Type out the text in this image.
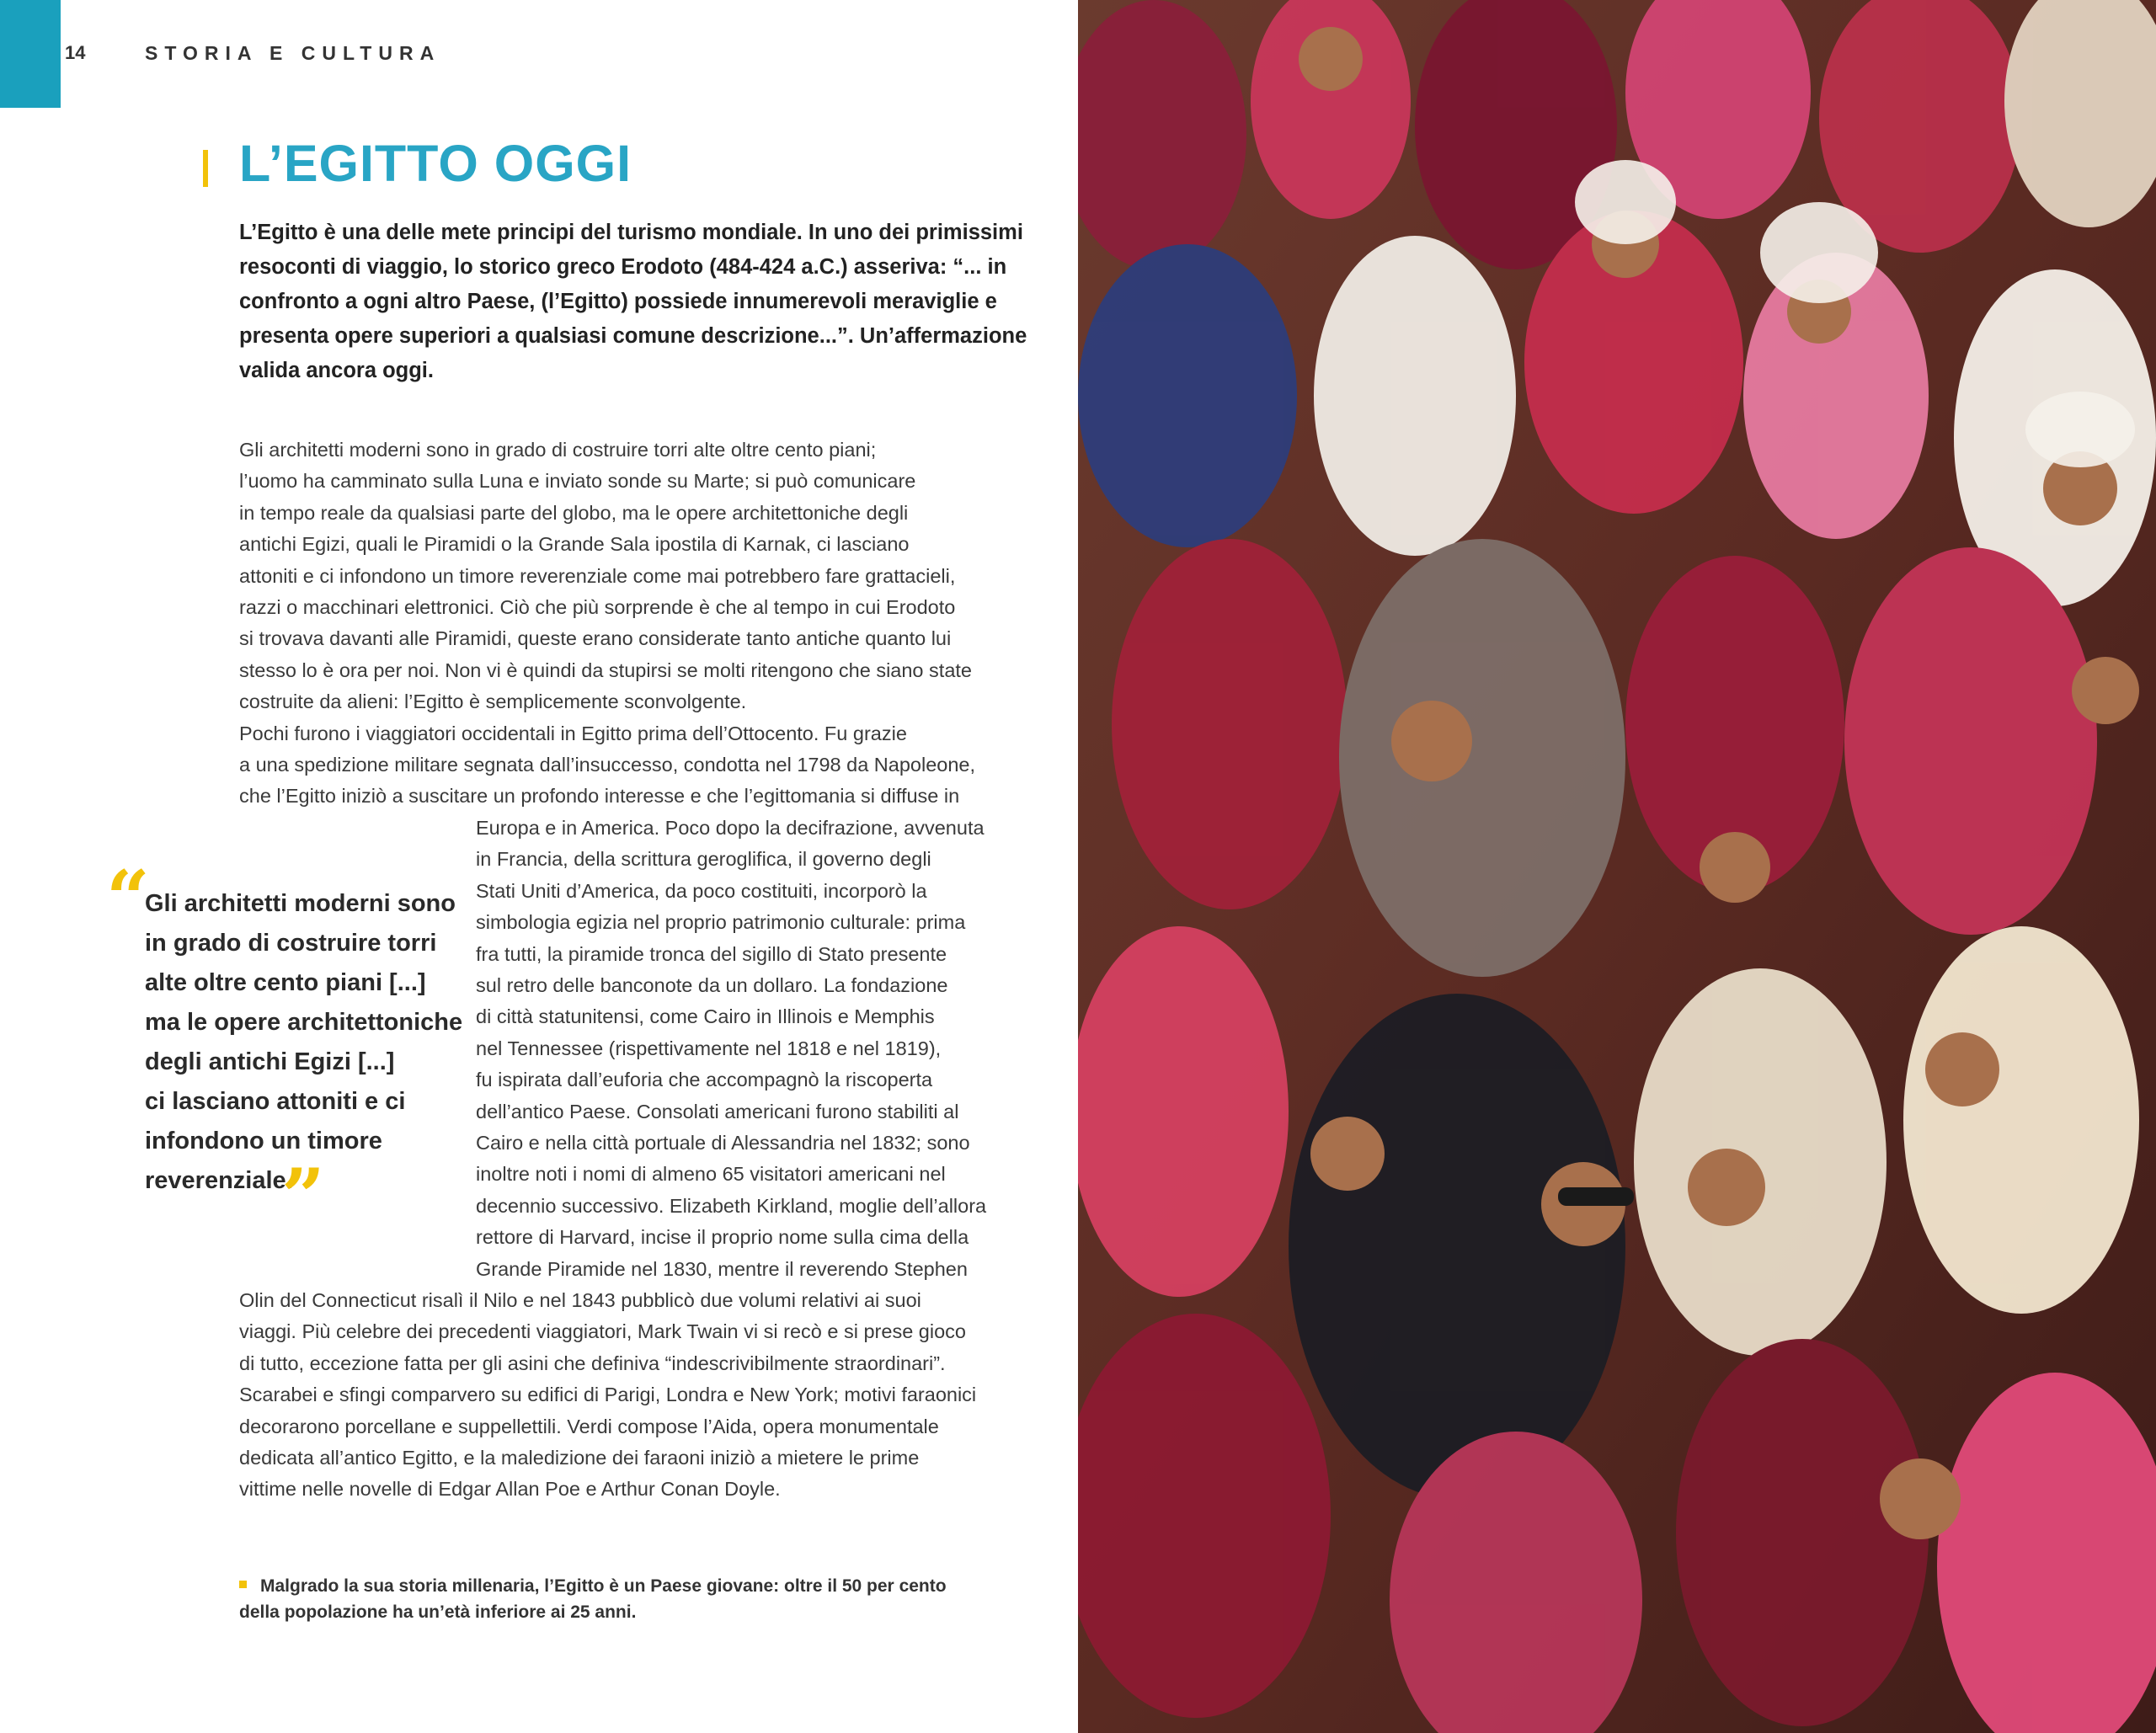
14	STORIA E CULTURA
L’EGITTO OGGI
L’Egitto è una delle mete principi del turismo mondiale. In uno dei primissimi
resoconti di viaggio, lo storico greco Erodoto (484-424 a.C.) asseriva: “... in
confronto a ogni altro Paese, (l’Egitto) possiede innumerevoli meraviglie e
presenta opere superiori a qualsiasi comune descrizione...”. Un’affermazione
valida ancora oggi.
Gli architetti moderni sono in grado di costruire torri alte oltre cento piani;
l’uomo ha camminato sulla Luna e inviato sonde su Marte; si può comunicare
in tempo reale da qualsiasi parte del globo, ma le opere architettoniche degli
antichi Egizi, quali le Piramidi o la Grande Sala ipostila di Karnak, ci lasciano
attoniti e ci infondono un timore reverenziale come mai potrebbero fare grattacieli,
razzi o macchinari elettronici. Ciò che più sorprende è che al tempo in cui Erodoto
si trovava davanti alle Piramidi, queste erano considerate tanto antiche quanto lui
stesso lo è ora per noi. Non vi è quindi da stupirsi se molti ritengono che siano state
costruite da alieni: l’Egitto è semplicemente sconvolgente.
Pochi furono i viaggiatori occidentali in Egitto prima dell’Ottocento. Fu grazie
a una spedizione militare segnata dall’insuccesso, condotta nel 1798 da Napoleone,
che l’Egitto iniziò a suscitare un profondo interesse e che l’egittomania si diffuse in
Europa e in America. Poco dopo la decifrazione, avvenuta
in Francia, della scrittura geroglifica, il governo degli
Stati Uniti d’America, da poco costituiti, incorporò la
simbologia egizia nel proprio patrimonio culturale: prima
fra tutti, la piramide tronca del sigillo di Stato presente
sul retro delle banconote da un dollaro. La fondazione
di città statunitensi, come Cairo in Illinois e Memphis
nel Tennessee (rispettivamente nel 1818 e nel 1819),
fu ispirata dall’euforia che accompagnò la riscoperta
dell’antico Paese. Consolati americani furono stabiliti al
Cairo e nella città portuale di Alessandria nel 1832; sono
inoltre noti i nomi di almeno 65 visitatori americani nel
decennio successivo. Elizabeth Kirkland, moglie dell’allora
rettore di Harvard, incise il proprio nome sulla cima della
Grande Piramide nel 1830, mentre il reverendo Stephen
Olin del Connecticut risalì il Nilo e nel 1843 pubblicò due volumi relativi ai suoi
viaggi. Più celebre dei precedenti viaggiatori, Mark Twain vi si recò e si prese gioco
di tutto, eccezione fatta per gli asini che definiva “indescrivibilmente straordinari”.
Scarabei e sfingi comparvero su edifici di Parigi, Londra e New York; motivi faraonici
decorarono porcellane e suppellettili. Verdi compose l’Aida, opera monumentale
dedicata all’antico Egitto, e la maledizione dei faraoni iniziò a mietere le prime
vittime nelle novelle di Edgar Allan Poe e Arthur Conan Doyle.
“
Gli architetti moderni sono
in grado di costruire torri
alte oltre cento piani [...]
ma le opere architettoniche
degli antichi Egizi [...]
ci lasciano attoniti e ci
infondono un timore
reverenziale.
”
Malgrado la sua storia millenaria, l’Egitto è un Paese giovane: oltre il 50 per cento
della popolazione ha un’età inferiore ai 25 anni.
